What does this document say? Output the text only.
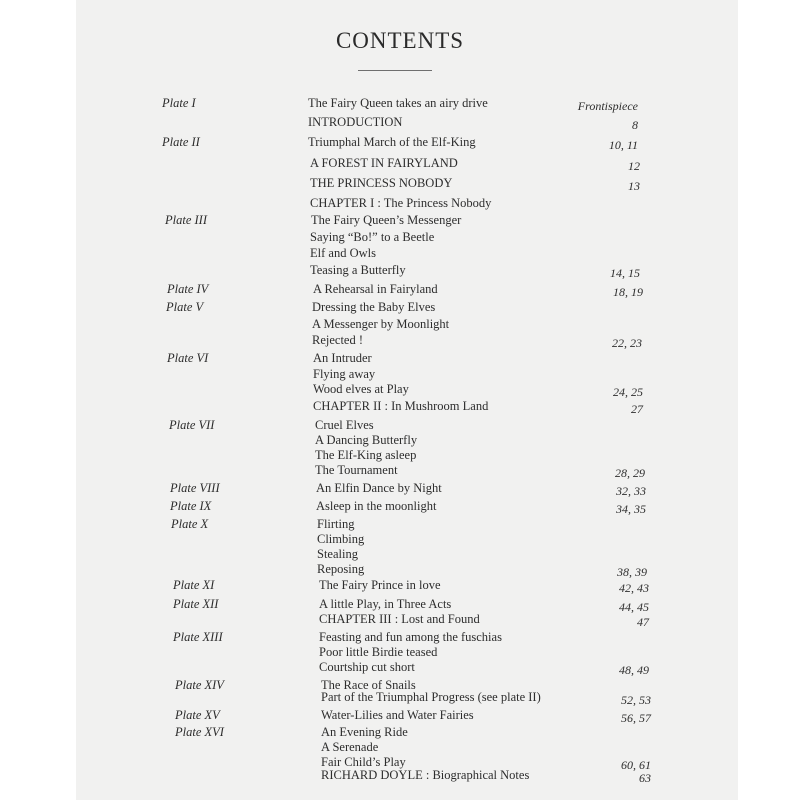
CONTENTS
Plate I	The Fairy Queen takes an airy drive	Frontispiece
INTRODUCTION	8
Plate II	Triumphal March of the Elf-King	10, 11
A FOREST IN FAIRYLAND	12
THE PRINCESS NOBODY	13
CHAPTER I : The Princess Nobody
Plate III	The Fairy Queen’s Messenger
Saying “Bo!” to a Beetle
Elf and Owls
Teasing a Butterfly	14, 15
Plate IV	A Rehearsal in Fairyland	18, 19
Plate V	Dressing the Baby Elves
A Messenger by Moonlight
Rejected !	22, 23
Plate VI	An Intruder
Flying away
Wood elves at Play	24, 25
CHAPTER II : In Mushroom Land	27
Plate VII	Cruel Elves
A Dancing Butterfly
The Elf-King asleep
The Tournament	28, 29
Plate VIII	An Elfin Dance by Night	32, 33
Plate IX	Asleep in the moonlight	34, 35
Plate X	Flirting
Climbing
Stealing
Reposing	38, 39
Plate XI	The Fairy Prince in love	42, 43
Plate XII	A little Play, in Three Acts	44, 45
CHAPTER III : Lost and Found	47
Plate XIII	Feasting and fun among the fuschias
Poor little Birdie teased
Courtship cut short	48, 49
Plate XIV	The Race of Snails
Part of the Triumphal Progress (see plate II)	52, 53
Plate XV	Water-Lilies and Water Fairies	56, 57
Plate XVI	An Evening Ride
A Serenade
Fair Child’s Play	60, 61
RICHARD DOYLE : Biographical Notes	63
